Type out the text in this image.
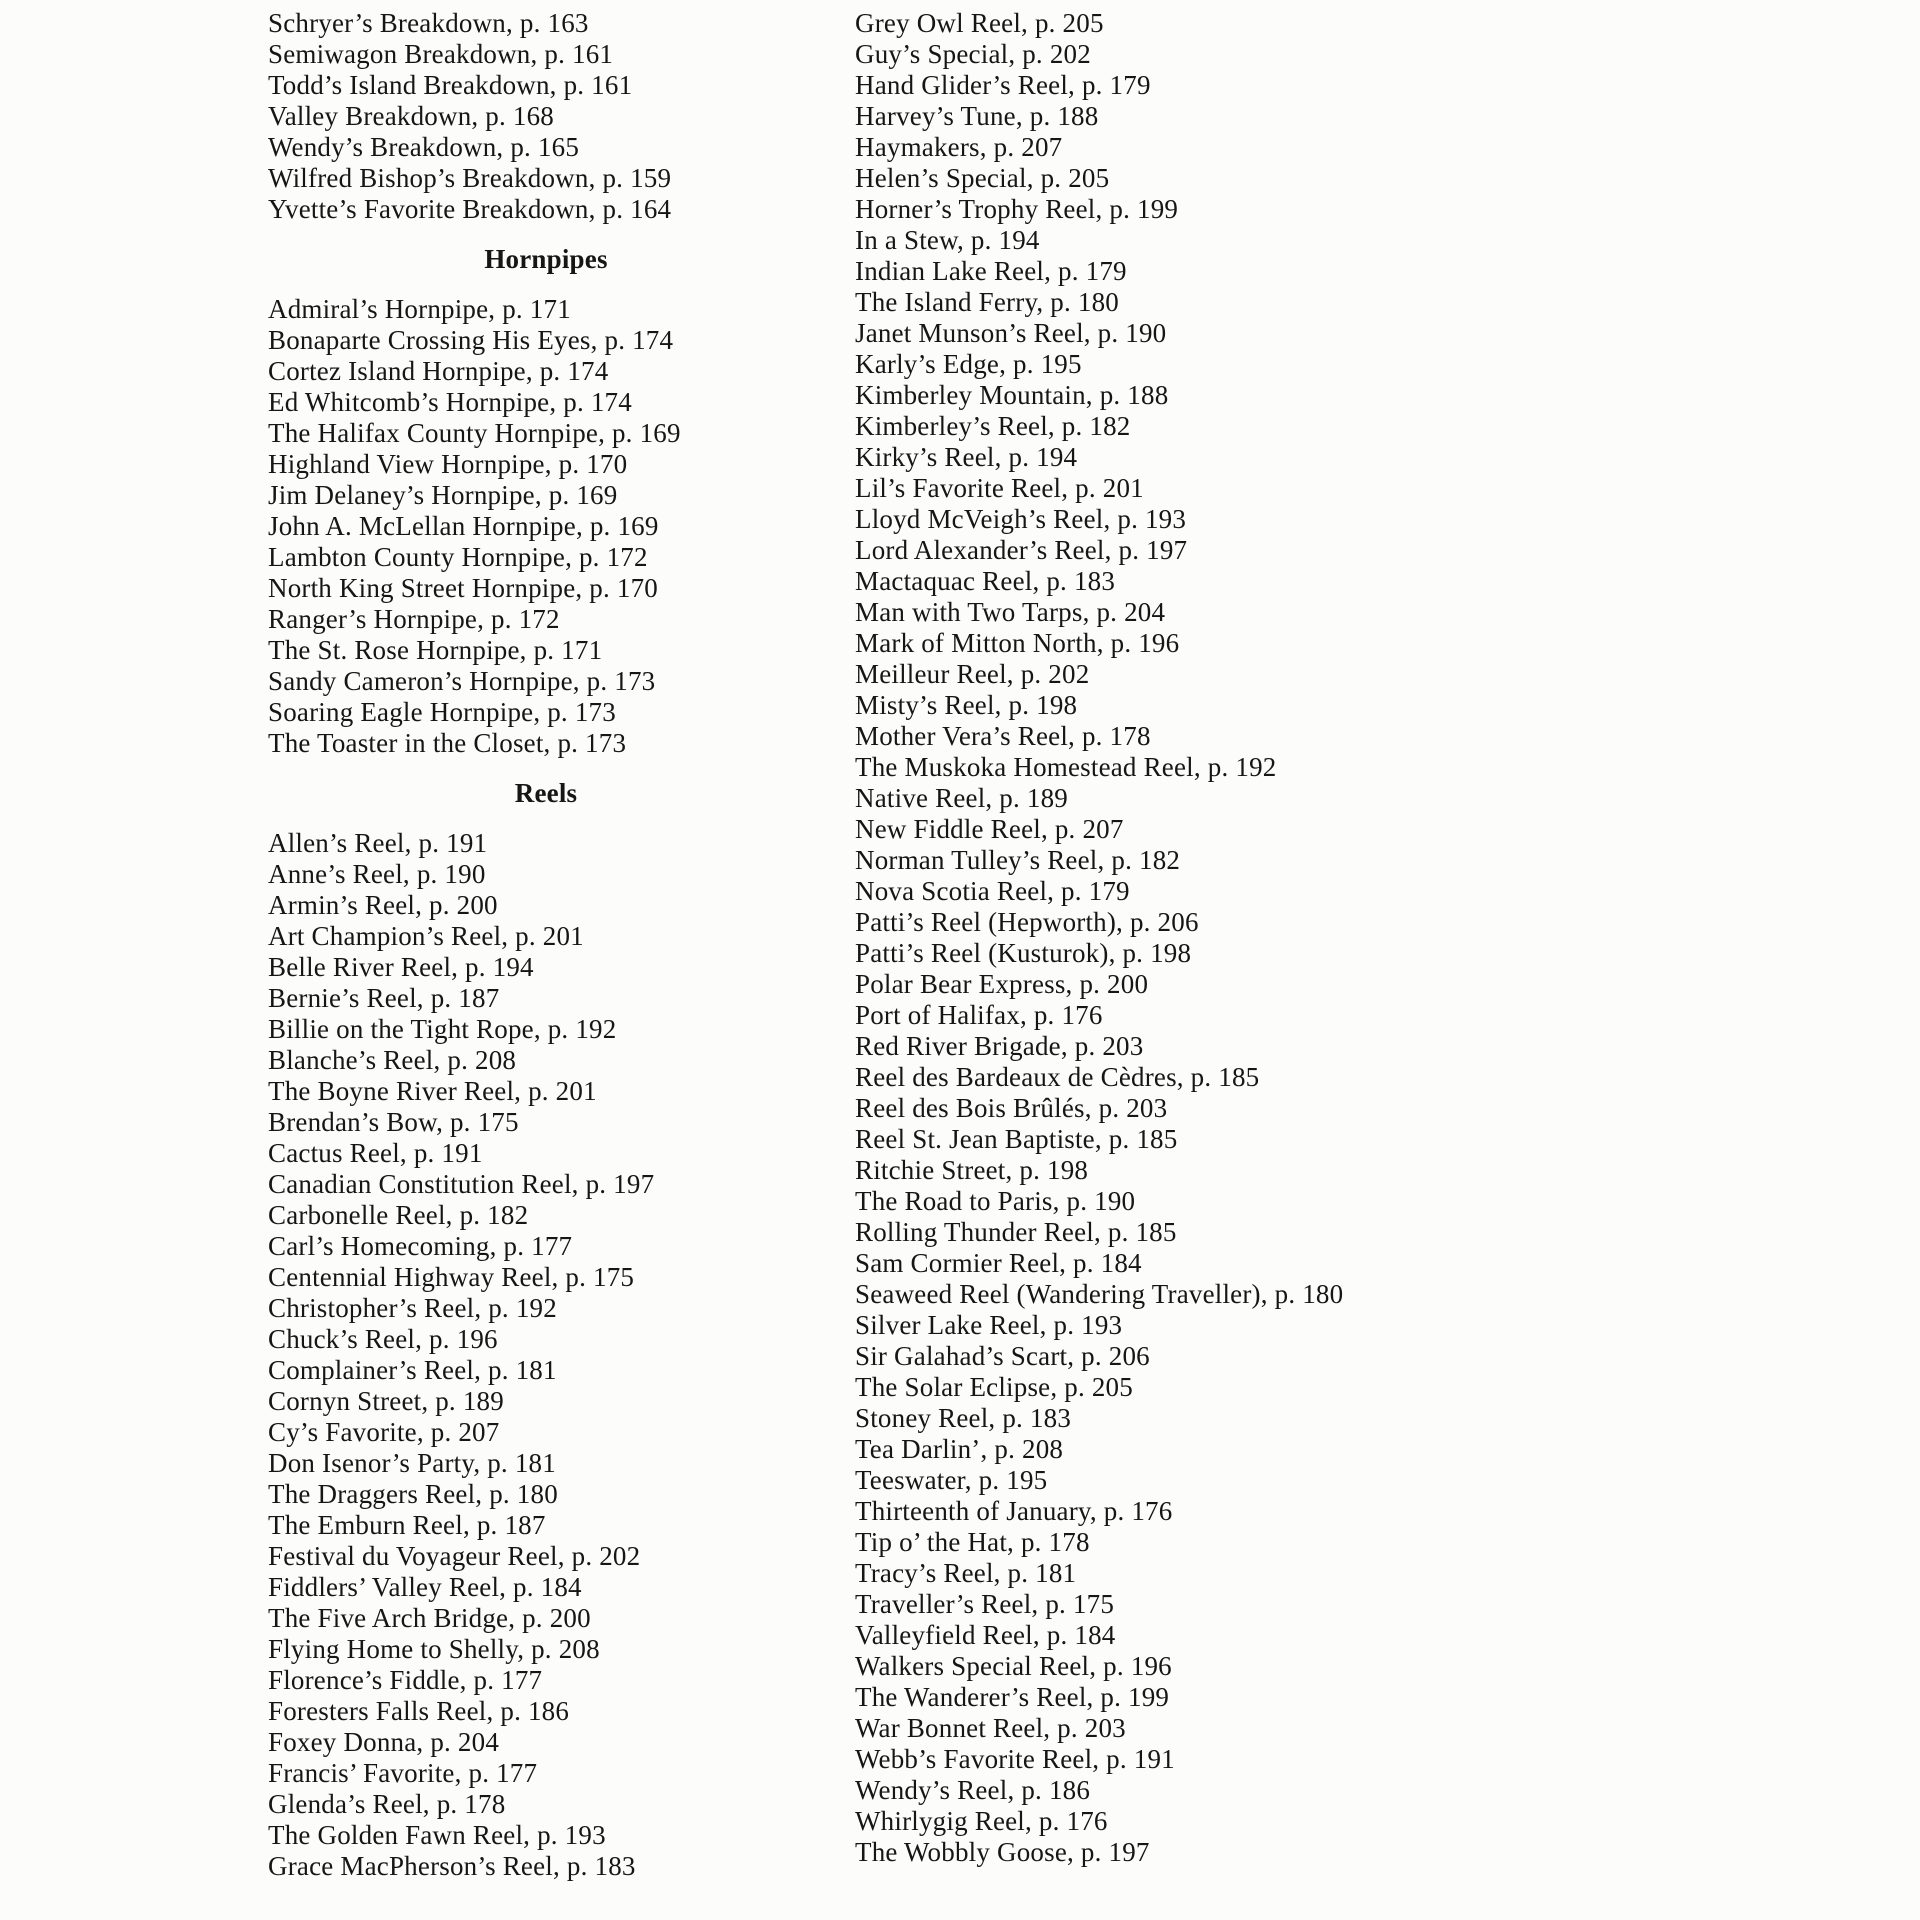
Schryer’s Breakdown, p. 163
Semiwagon Breakdown, p. 161
Todd’s Island Breakdown, p. 161
Valley Breakdown, p. 168
Wendy’s Breakdown, p. 165
Wilfred Bishop’s Breakdown, p. 159
Yvette’s Favorite Breakdown, p. 164
Hornpipes
Admiral’s Hornpipe, p. 171
Bonaparte Crossing His Eyes, p. 174
Cortez Island Hornpipe, p. 174
Ed Whitcomb’s Hornpipe, p. 174
The Halifax County Hornpipe, p. 169
Highland View Hornpipe, p. 170
Jim Delaney’s Hornpipe, p. 169
John A. McLellan Hornpipe, p. 169
Lambton County Hornpipe, p. 172
North King Street Hornpipe, p. 170
Ranger’s Hornpipe, p. 172
The St. Rose Hornpipe, p. 171
Sandy Cameron’s Hornpipe, p. 173
Soaring Eagle Hornpipe, p. 173
The Toaster in the Closet, p. 173
Reels
Allen’s Reel, p. 191
Anne’s Reel, p. 190
Armin’s Reel, p. 200
Art Champion’s Reel, p. 201
Belle River Reel, p. 194
Bernie’s Reel, p. 187
Billie on the Tight Rope, p. 192
Blanche’s Reel, p. 208
The Boyne River Reel, p. 201
Brendan’s Bow, p. 175
Cactus Reel, p. 191
Canadian Constitution Reel, p. 197
Carbonelle Reel, p. 182
Carl’s Homecoming, p. 177
Centennial Highway Reel, p. 175
Christopher’s Reel, p. 192
Chuck’s Reel, p. 196
Complainer’s Reel, p. 181
Cornyn Street, p. 189
Cy’s Favorite, p. 207
Don Isenor’s Party, p. 181
The Draggers Reel, p. 180
The Emburn Reel, p. 187
Festival du Voyageur Reel, p. 202
Fiddlers’ Valley Reel, p. 184
The Five Arch Bridge, p. 200
Flying Home to Shelly, p. 208
Florence’s Fiddle, p. 177
Foresters Falls Reel, p. 186
Foxey Donna, p. 204
Francis’ Favorite, p. 177
Glenda’s Reel, p. 178
The Golden Fawn Reel, p. 193
Grace MacPherson’s Reel, p. 183
Grey Owl Reel, p. 205
Guy’s Special, p. 202
Hand Glider’s Reel, p. 179
Harvey’s Tune, p. 188
Haymakers, p. 207
Helen’s Special, p. 205
Horner’s Trophy Reel, p. 199
In a Stew, p. 194
Indian Lake Reel, p. 179
The Island Ferry, p. 180
Janet Munson’s Reel, p. 190
Karly’s Edge, p. 195
Kimberley Mountain, p. 188
Kimberley’s Reel, p. 182
Kirky’s Reel, p. 194
Lil’s Favorite Reel, p. 201
Lloyd McVeigh’s Reel, p. 193
Lord Alexander’s Reel, p. 197
Mactaquac Reel, p. 183
Man with Two Tarps, p. 204
Mark of Mitton North, p. 196
Meilleur Reel, p. 202
Misty’s Reel, p. 198
Mother Vera’s Reel, p. 178
The Muskoka Homestead Reel, p. 192
Native Reel, p. 189
New Fiddle Reel, p. 207
Norman Tulley’s Reel, p. 182
Nova Scotia Reel, p. 179
Patti’s Reel (Hepworth), p. 206
Patti’s Reel (Kusturok), p. 198
Polar Bear Express, p. 200
Port of Halifax, p. 176
Red River Brigade, p. 203
Reel des Bardeaux de Cèdres, p. 185
Reel des Bois Brûlés, p. 203
Reel St. Jean Baptiste, p. 185
Ritchie Street, p. 198
The Road to Paris, p. 190
Rolling Thunder Reel, p. 185
Sam Cormier Reel, p. 184
Seaweed Reel (Wandering Traveller), p. 180
Silver Lake Reel, p. 193
Sir Galahad’s Scart, p. 206
The Solar Eclipse, p. 205
Stoney Reel, p. 183
Tea Darlin’, p. 208
Teeswater, p. 195
Thirteenth of January, p. 176
Tip o’ the Hat, p. 178
Tracy’s Reel, p. 181
Traveller’s Reel, p. 175
Valleyfield Reel, p. 184
Walkers Special Reel, p. 196
The Wanderer’s Reel, p. 199
War Bonnet Reel, p. 203
Webb’s Favorite Reel, p. 191
Wendy’s Reel, p. 186
Whirlygig Reel, p. 176
The Wobbly Goose, p. 197
